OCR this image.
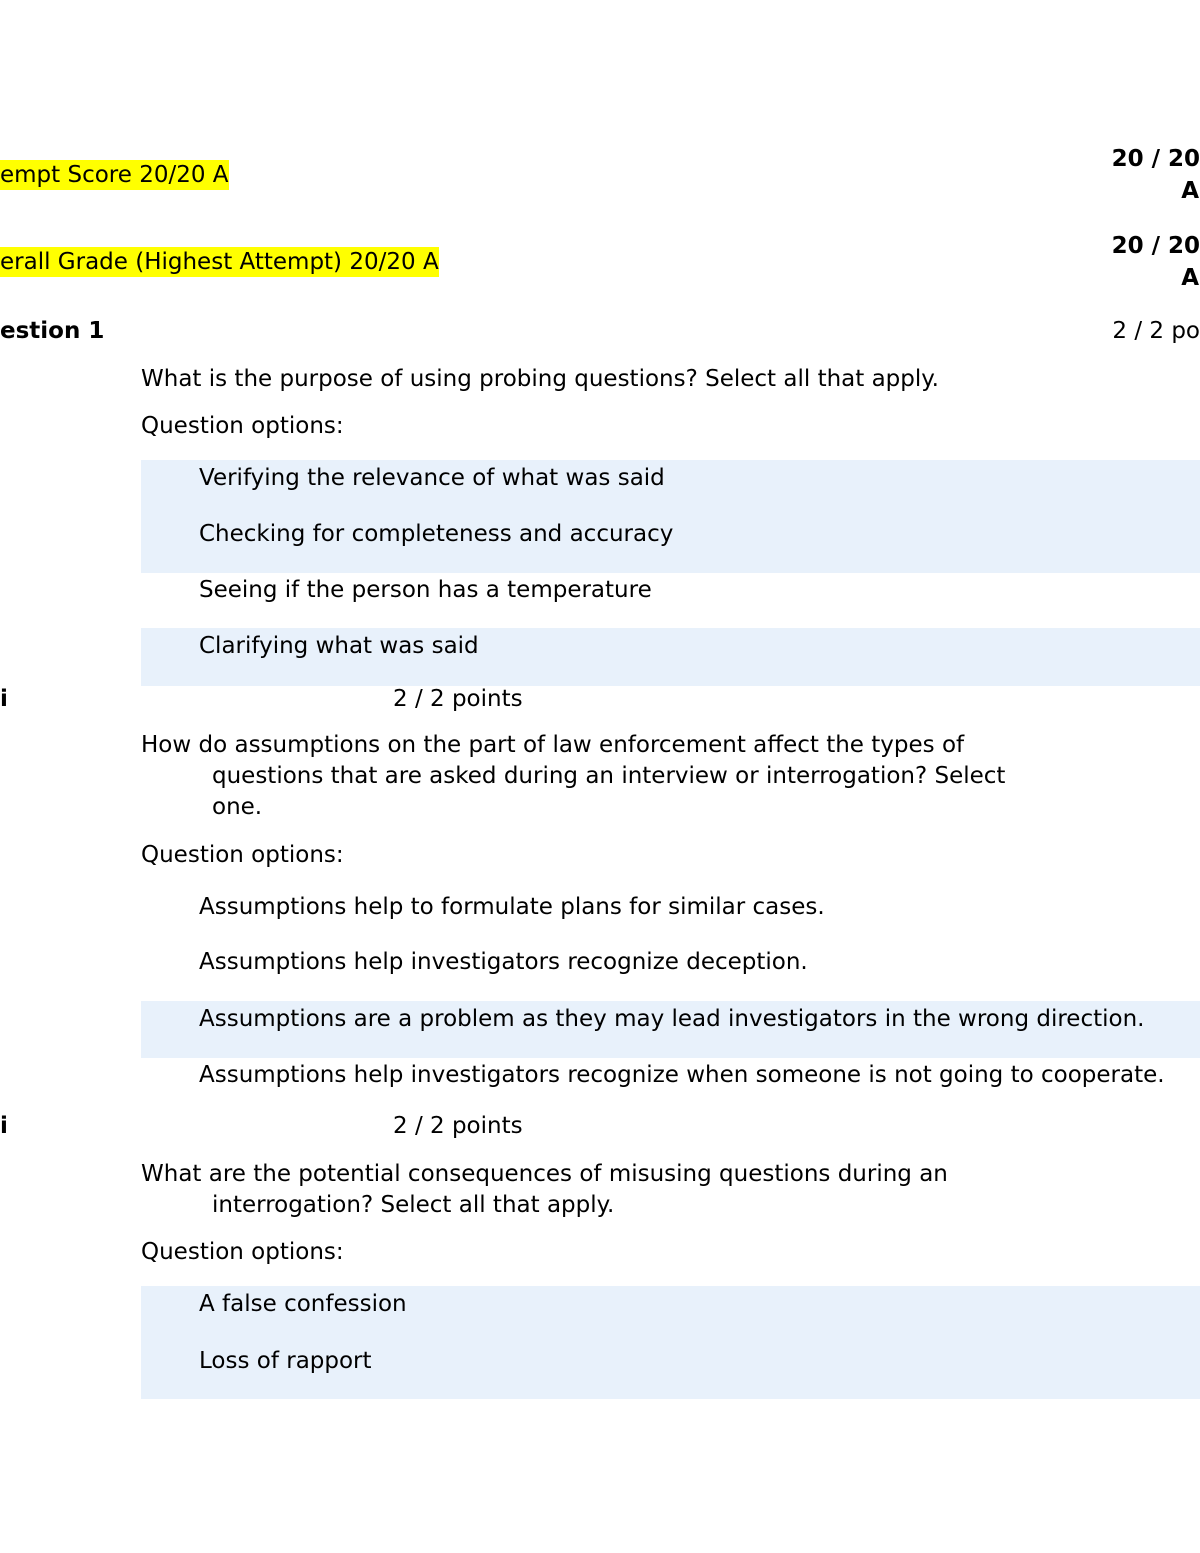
empt Score 20/20 A
20 / 20
A
erall Grade (Highest Attempt) 20/20 A
20 / 20
A
estion 1	2 / 2 po
What is the purpose of using probing questions? Select all that apply.
Question options:
Verifying the relevance of what was said
Checking for completeness and accuracy
Seeing if the person has a temperature
Clarifying what was said
i	2 / 2 points
How do assumptions on the part of law enforcement affect the types of
questions that are asked during an interview or interrogation? Select
one.
Question options:
Assumptions help to formulate plans for similar cases.
Assumptions help investigators recognize deception.
Assumptions are a problem as they may lead investigators in the wrong direction.
Assumptions help investigators recognize when someone is not going to cooperate.
i	2 / 2 points
What are the potential consequences of misusing questions during an
interrogation? Select all that apply.
Question options:
A false confession
Loss of rapport
